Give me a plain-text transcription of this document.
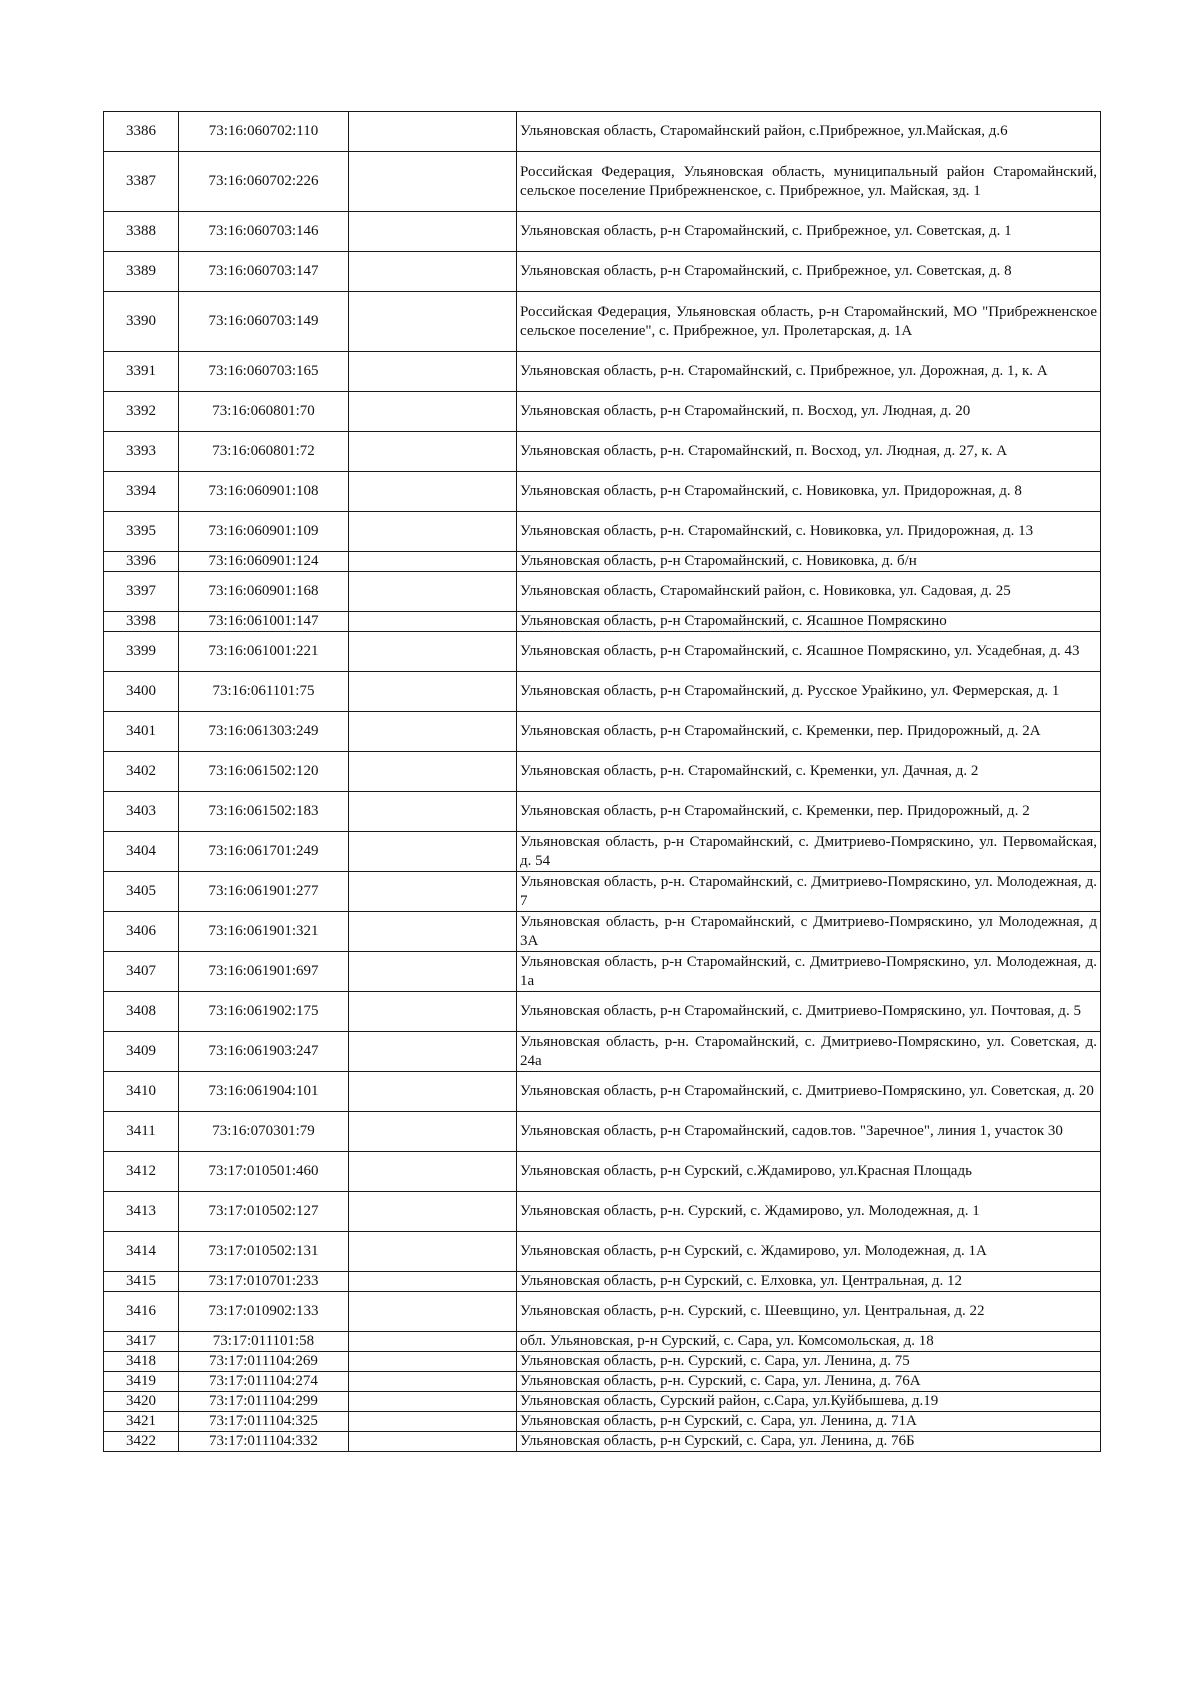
3386	73:16:060702:110		Ульяновская область, Старомайнский район, с.Прибрежное, ул.Майская, д.6
3387	73:16:060702:226		Российская Федерация, Ульяновская область, муниципальный район Старомайнский, сельское поселение Прибрежненское, с. Прибрежное, ул. Майская, зд. 1
3388	73:16:060703:146		Ульяновская область, р-н Старомайнский, с. Прибрежное, ул. Советская, д. 1
3389	73:16:060703:147		Ульяновская область, р-н Старомайнский, с. Прибрежное, ул. Советская, д. 8
3390	73:16:060703:149		Российская Федерация, Ульяновская область, р-н Старомайнский, МО "Прибрежненское сельское поселение", с. Прибрежное, ул. Пролетарская, д. 1А
3391	73:16:060703:165		Ульяновская область, р-н. Старомайнский, с. Прибрежное, ул. Дорожная, д. 1, к. А
3392	73:16:060801:70		Ульяновская область, р-н Старомайнский, п. Восход, ул. Людная, д. 20
3393	73:16:060801:72		Ульяновская область, р-н. Старомайнский, п. Восход, ул. Людная, д. 27, к. А
3394	73:16:060901:108		Ульяновская область, р-н Старомайнский, с. Новиковка, ул. Придорожная, д. 8
3395	73:16:060901:109		Ульяновская область, р-н. Старомайнский, с. Новиковка, ул. Придорожная, д. 13
3396	73:16:060901:124		Ульяновская область, р-н Старомайнский, с. Новиковка, д. б/н
3397	73:16:060901:168		Ульяновская область, Старомайнский район, с. Новиковка, ул. Садовая, д. 25
3398	73:16:061001:147		Ульяновская область, р-н Старомайнский, с. Ясашное Помряскино
3399	73:16:061001:221		Ульяновская область, р-н Старомайнский, с. Ясашное Помряскино, ул. Усадебная, д. 43
3400	73:16:061101:75		Ульяновская область, р-н Старомайнский, д. Русское Урайкино, ул. Фермерская, д. 1
3401	73:16:061303:249		Ульяновская область, р-н Старомайнский, с. Кременки, пер. Придорожный, д. 2А
3402	73:16:061502:120		Ульяновская область, р-н. Старомайнский, с. Кременки, ул. Дачная, д. 2
3403	73:16:061502:183		Ульяновская область, р-н Старомайнский, с. Кременки, пер. Придорожный, д. 2
3404	73:16:061701:249		Ульяновская область, р-н Старомайнский, с. Дмитриево-Помряскино, ул. Первомайская, д. 54
3405	73:16:061901:277		Ульяновская область, р-н. Старомайнский, с. Дмитриево-Помряскино, ул. Молодежная, д. 7
3406	73:16:061901:321		Ульяновская область, р-н Старомайнский, с Дмитриево-Помряскино, ул Молодежная, д 3А
3407	73:16:061901:697		Ульяновская область, р-н Старомайнский, с. Дмитриево-Помряскино, ул. Молодежная, д. 1а
3408	73:16:061902:175		Ульяновская область, р-н Старомайнский, с. Дмитриево-Помряскино, ул. Почтовая, д. 5
3409	73:16:061903:247		Ульяновская область, р-н. Старомайнский, с. Дмитриево-Помряскино, ул. Советская, д. 24а
3410	73:16:061904:101		Ульяновская область, р-н Старомайнский, с. Дмитриево-Помряскино, ул. Советская, д. 20
3411	73:16:070301:79		Ульяновская область, р-н Старомайнский, садов.тов. "Заречное", линия 1, участок 30
3412	73:17:010501:460		Ульяновская область, р-н Сурский, с.Ждамирово, ул.Красная Площадь
3413	73:17:010502:127		Ульяновская область, р-н. Сурский, с. Ждамирово, ул. Молодежная, д. 1
3414	73:17:010502:131		Ульяновская область, р-н Сурский, с. Ждамирово, ул. Молодежная, д. 1А
3415	73:17:010701:233		Ульяновская область, р-н Сурский, с. Елховка, ул. Центральная, д. 12
3416	73:17:010902:133		Ульяновская область, р-н. Сурский, с. Шеевщино, ул. Центральная, д. 22
3417	73:17:011101:58		обл. Ульяновская, р-н Сурский, с. Сара, ул. Комсомольская, д. 18
3418	73:17:011104:269		Ульяновская область, р-н. Сурский, с. Сара, ул. Ленина, д. 75
3419	73:17:011104:274		Ульяновская область, р-н. Сурский, с. Сара, ул. Ленина, д. 76А
3420	73:17:011104:299		Ульяновская область, Сурский район, с.Сара, ул.Куйбышева, д.19
3421	73:17:011104:325		Ульяновская область, р-н Сурский, с. Сара, ул. Ленина, д. 71А
3422	73:17:011104:332		Ульяновская область, р-н Сурский, с. Сара, ул. Ленина, д. 76Б
